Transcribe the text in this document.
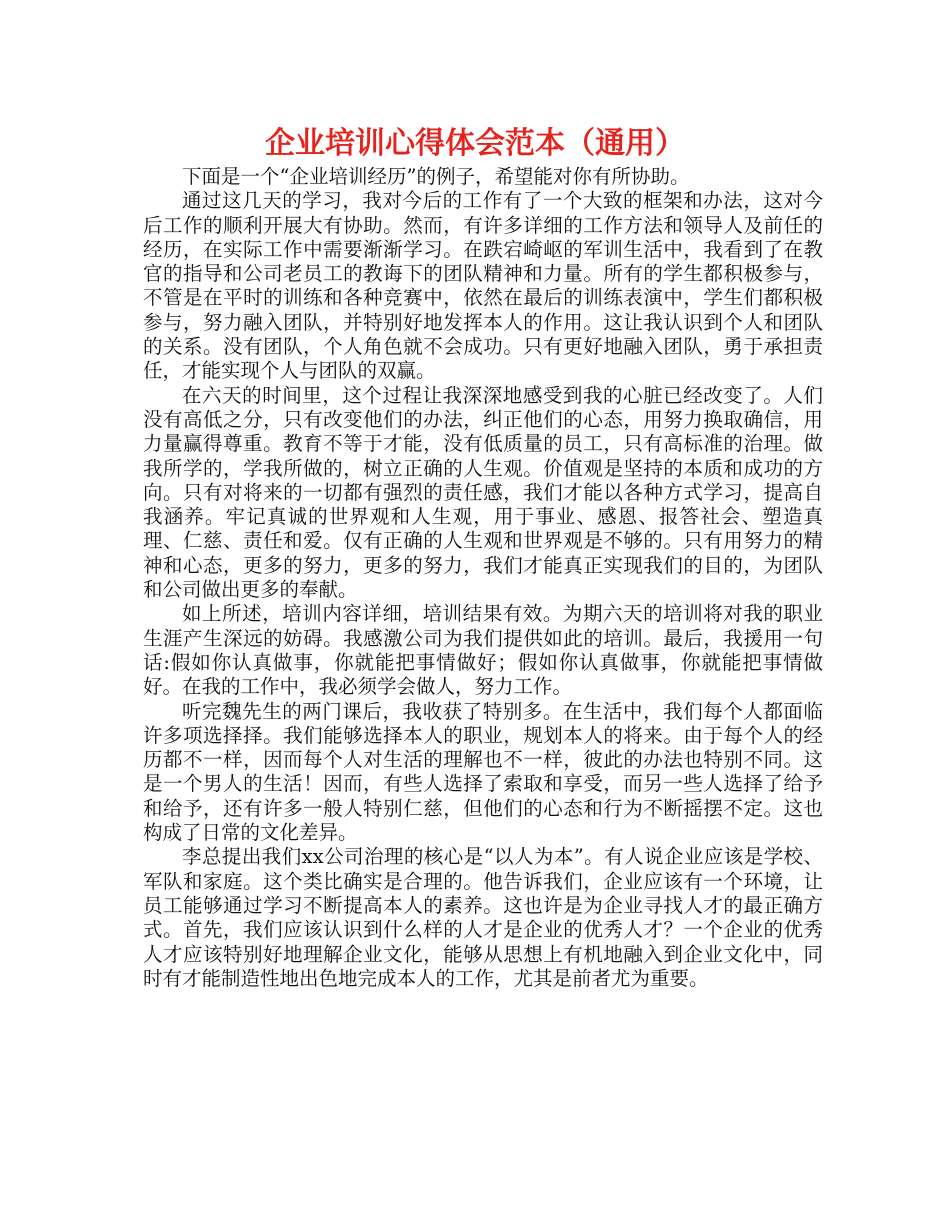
企业培训心得体会范本（通用）

下面是一个“企业培训经历”的例子，希望能对你有所协助。

通过这几天的学习，我对今后的工作有了一个大致的框架和办法，这对今后工作的顺利开展大有协助。然而，有许多详细的工作方法和领导人及前任的经历，在实际工作中需要渐渐学习。在跌宕崎岖的军训生活中，我看到了在教官的指导和公司老员工的教诲下的团队精神和力量。所有的学生都积极参与，不管是在平时的训练和各种竞赛中，依然在最后的训练表演中，学生们都积极参与，努力融入团队，并特别好地发挥本人的作用。这让我认识到个人和团队的关系。没有团队，个人角色就不会成功。只有更好地融入团队，勇于承担责任，才能实现个人与团队的双赢。

在六天的时间里，这个过程让我深深地感受到我的心脏已经改变了。人们没有高低之分，只有改变他们的办法，纠正他们的心态，用努力换取确信，用力量赢得尊重。教育不等于才能，没有低质量的员工，只有高标准的治理。做我所学的，学我所做的，树立正确的人生观。价值观是坚持的本质和成功的方向。只有对将来的一切都有强烈的责任感，我们才能以各种方式学习，提高自我涵养。牢记真诚的世界观和人生观，用于事业、感恩、报答社会、塑造真理、仁慈、责任和爱。仅有正确的人生观和世界观是不够的。只有用努力的精神和心态，更多的努力，更多的努力，我们才能真正实现我们的目的，为团队和公司做出更多的奉献。

如上所述，培训内容详细，培训结果有效。为期六天的培训将对我的职业生涯产生深远的妨碍。我感激公司为我们提供如此的培训。最后，我援用一句话:假如你认真做事，你就能把事情做好；假如你认真做事，你就能把事情做好。在我的工作中，我必须学会做人，努力工作。

听完魏先生的两门课后，我收获了特别多。在生活中，我们每个人都面临许多项选择择。我们能够选择本人的职业，规划本人的将来。由于每个人的经历都不一样，因而每个人对生活的理解也不一样，彼此的办法也特别不同。这是一个男人的生活！因而，有些人选择了索取和享受，而另一些人选择了给予和给予，还有许多一般人特别仁慈，但他们的心态和行为不断摇摆不定。这也构成了日常的文化差异。

李总提出我们xx公司治理的核心是“以人为本”。有人说企业应该是学校、军队和家庭。这个类比确实是合理的。他告诉我们，企业应该有一个环境，让员工能够通过学习不断提高本人的素养。这也许是为企业寻找人才的最正确方式。首先，我们应该认识到什么样的人才是企业的优秀人才？一个企业的优秀人才应该特别好地理解企业文化，能够从思想上有机地融入到企业文化中，同时有才能制造性地出色地完成本人的工作，尤其是前者尤为重要。
